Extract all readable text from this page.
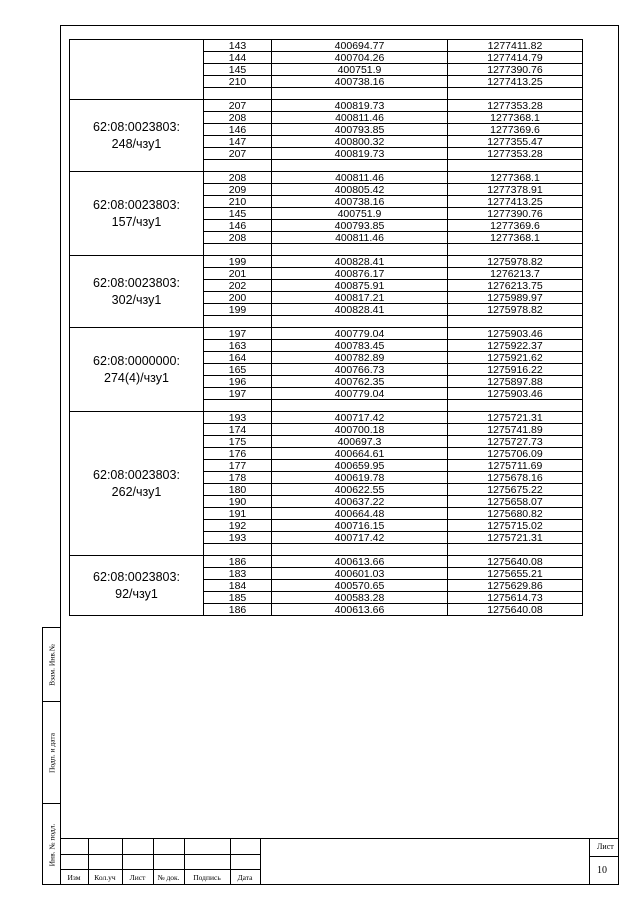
	143	400694.77	1277411.82
	144	400704.26	1277414.79
	145	400751.9	1277390.76
	210	400738.16	1277413.25

62:08:0023803:
248/чзу1	207	400819.73	1277353.28
	208	400811.46	1277368.1
	146	400793.85	1277369.6
	147	400800.32	1277355.47
	207	400819.73	1277353.28

62:08:0023803:
157/чзу1	208	400811.46	1277368.1
	209	400805.42	1277378.91
	210	400738.16	1277413.25
	145	400751.9	1277390.76
	146	400793.85	1277369.6
	208	400811.46	1277368.1

62:08:0023803:
302/чзу1	199	400828.41	1275978.82
	201	400876.17	1276213.7
	202	400875.91	1276213.75
	200	400817.21	1275989.97
	199	400828.41	1275978.82

62:08:0000000:
274(4)/чзу1	197	400779.04	1275903.46
	163	400783.45	1275922.37
	164	400782.89	1275921.62
	165	400766.73	1275916.22
	196	400762.35	1275897.88
	197	400779.04	1275903.46

62:08:0023803:
262/чзу1	193	400717.42	1275721.31
	174	400700.18	1275741.89
	175	400697.3	1275727.73
	176	400664.61	1275706.09
	177	400659.95	1275711.69
	178	400619.78	1275678.16
	180	400622.55	1275675.22
	190	400637.22	1275658.07
	191	400664.48	1275680.82
	192	400716.15	1275715.02
	193	400717.42	1275721.31

62:08:0023803:
92/чзу1	186	400613.66	1275640.08
	183	400601.03	1275655.21
	184	400570.65	1275629.86
	185	400583.28	1275614.73
	186	400613.66	1275640.08
Взам. Инв.№
Подп. и дата
Инв. № подл.
Изм	Кол.уч	Лист	№ док.	Подпись	Дата
Лист
10
